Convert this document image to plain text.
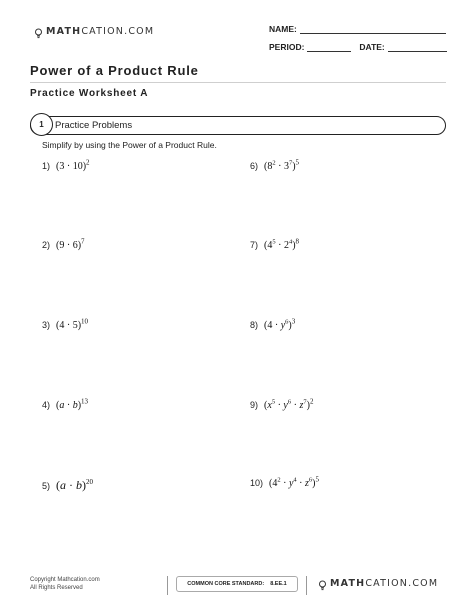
MATHCATION.COM	NAME:
PERIOD:	DATE:
Power of a Product Rule
Practice Worksheet A
1	Practice Problems
Simplify by using the Power of a Product Rule.
1) $(3 \cdot 10)^2$
2) $(9 \cdot 6)^7$
3) $(4 \cdot 5)^{10}$
4) $(a \cdot b)^{13}$
5) $(a \cdot b)^{20}$
6) $(8^2 \cdot 3^7)^5$
7) $(4^5 \cdot 2^4)^8$
8) $(4 \cdot y^6)^3$
9) $(x^5 \cdot y^6 \cdot z^7)^2$
10) $(4^2 \cdot y^4 \cdot z^6)^5$
Copyright Mathcation.com
All Rights Reserved
COMMON CORE STANDARD: 8.EE.1	MATHCATION.COM
